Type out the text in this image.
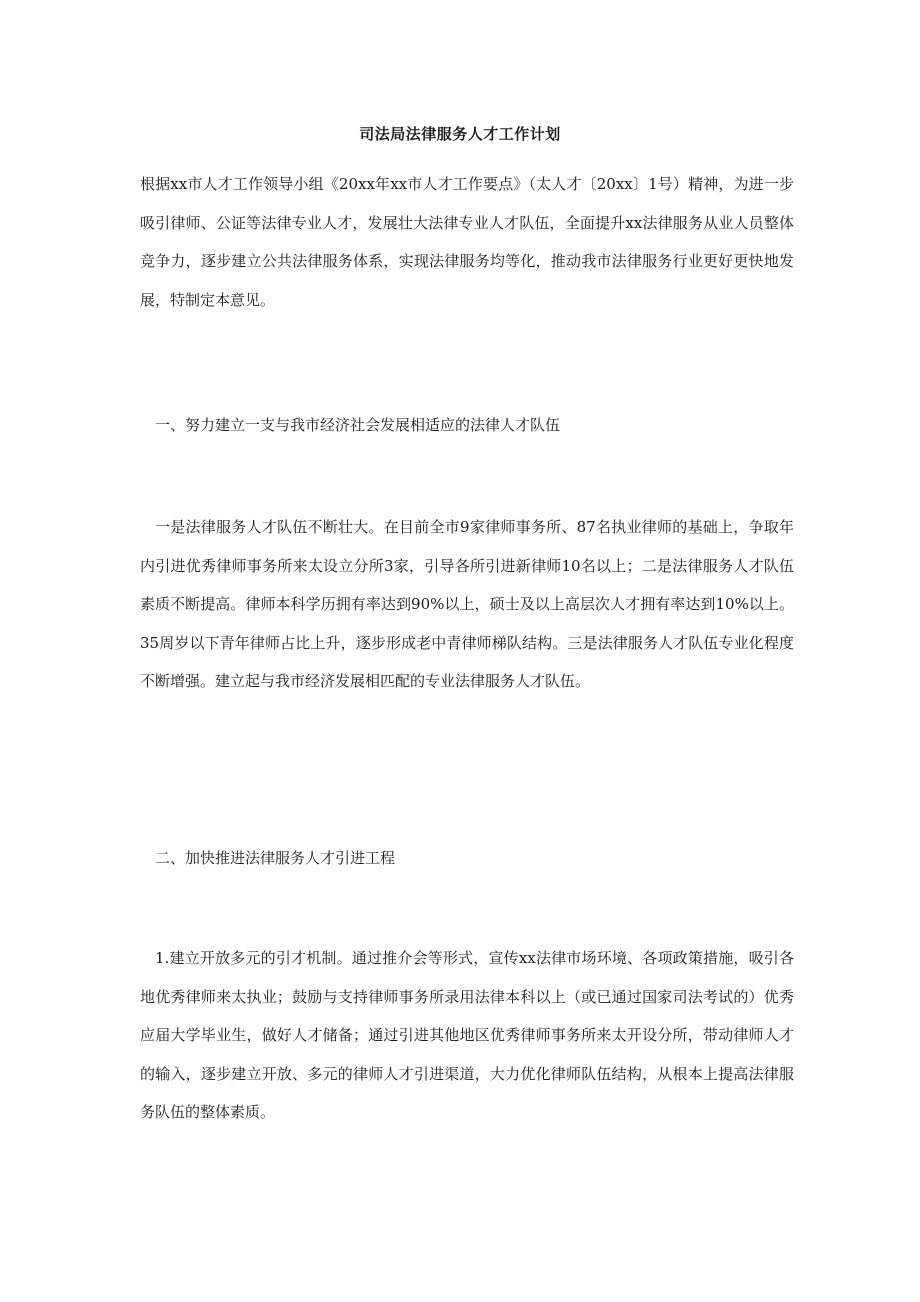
司法局法律服务人才工作计划

根据xx市人才工作领导小组《20xx年xx市人才工作要点》（太人才〔20xx〕1号）精神，为进一步吸引律师、公证等法律专业人才，发展壮大法律专业人才队伍，全面提升xx法律服务从业人员整体竞争力，逐步建立公共法律服务体系，实现法律服务均等化，推动我市法律服务行业更好更快地发展，特制定本意见。

一、努力建立一支与我市经济社会发展相适应的法律人才队伍

一是法律服务人才队伍不断壮大。在目前全市9家律师事务所、87名执业律师的基础上，争取年内引进优秀律师事务所来太设立分所3家，引导各所引进新律师10名以上；二是法律服务人才队伍素质不断提高。律师本科学历拥有率达到90%以上，硕士及以上高层次人才拥有率达到10%以上。35周岁以下青年律师占比上升，逐步形成老中青律师梯队结构。三是法律服务人才队伍专业化程度不断增强。建立起与我市经济发展相匹配的专业法律服务人才队伍。

二、加快推进法律服务人才引进工程

1.建立开放多元的引才机制。通过推介会等形式，宣传xx法律市场环境、各项政策措施，吸引各地优秀律师来太执业；鼓励与支持律师事务所录用法律本科以上（或已通过国家司法考试的）优秀应届大学毕业生，做好人才储备；通过引进其他地区优秀律师事务所来太开设分所，带动律师人才的输入，逐步建立开放、多元的律师人才引进渠道，大力优化律师队伍结构，从根本上提高法律服务队伍的整体素质。
